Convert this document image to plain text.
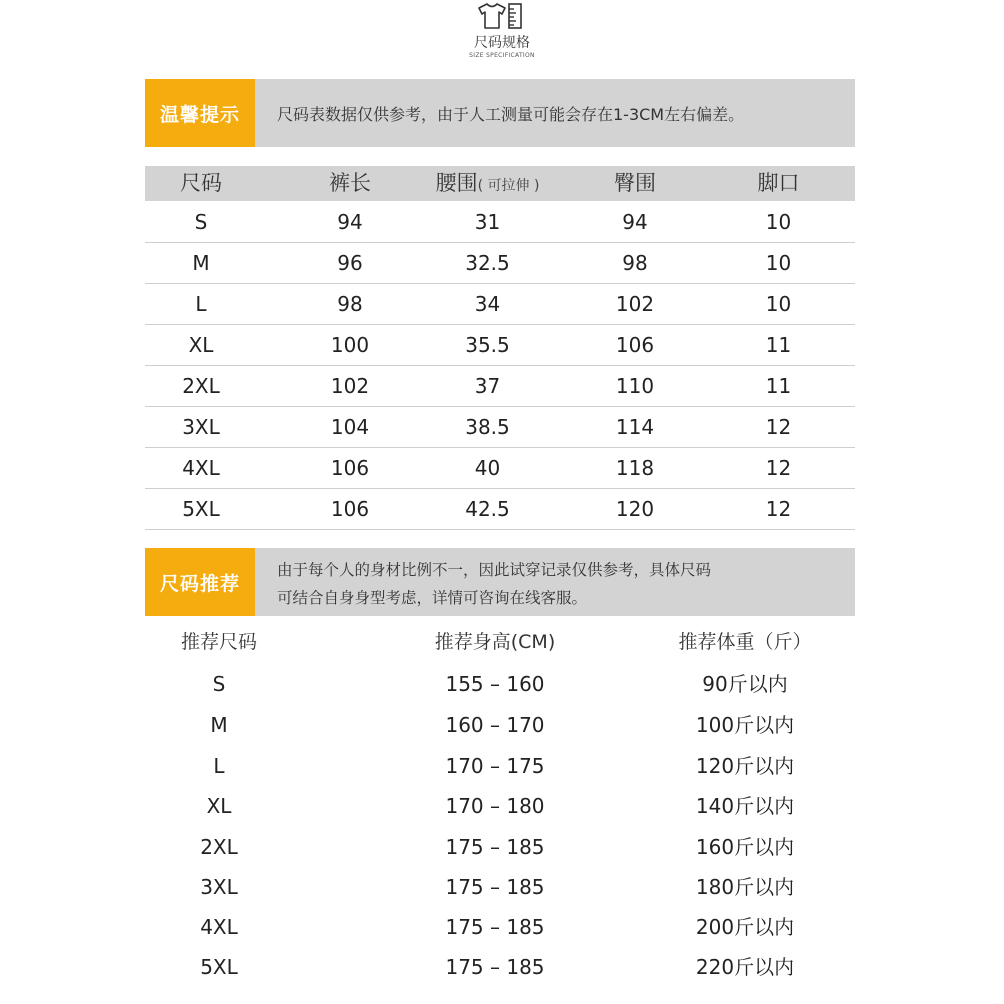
尺码规格
SIZE SPECIFICATION
温馨提示	尺码表数据仅供参考，由于人工测量可能会存在1-3CM左右偏差。
尺码	裤长	腰围( 可拉伸 )	臀围	脚口
S	94	31	94	10
M	96	32.5	98	10
L	98	34	102	10
XL	100	35.5	106	11
2XL	102	37	110	11
3XL	104	38.5	114	12
4XL	106	40	118	12
5XL	106	42.5	120	12
尺码推荐
由于每个人的身材比例不一，因此试穿记录仅供参考，具体尺码
可结合自身身型考虑，详情可咨询在线客服。
推荐尺码	推荐身高(CM)	推荐体重（斤）
S	155 – 160	90斤以内
M	160 – 170	100斤以内
L	170 – 175	120斤以内
XL	170 – 180	140斤以内
2XL	175 – 185	160斤以内
3XL	175 – 185	180斤以内
4XL	175 – 185	200斤以内
5XL	175 – 185	220斤以内
